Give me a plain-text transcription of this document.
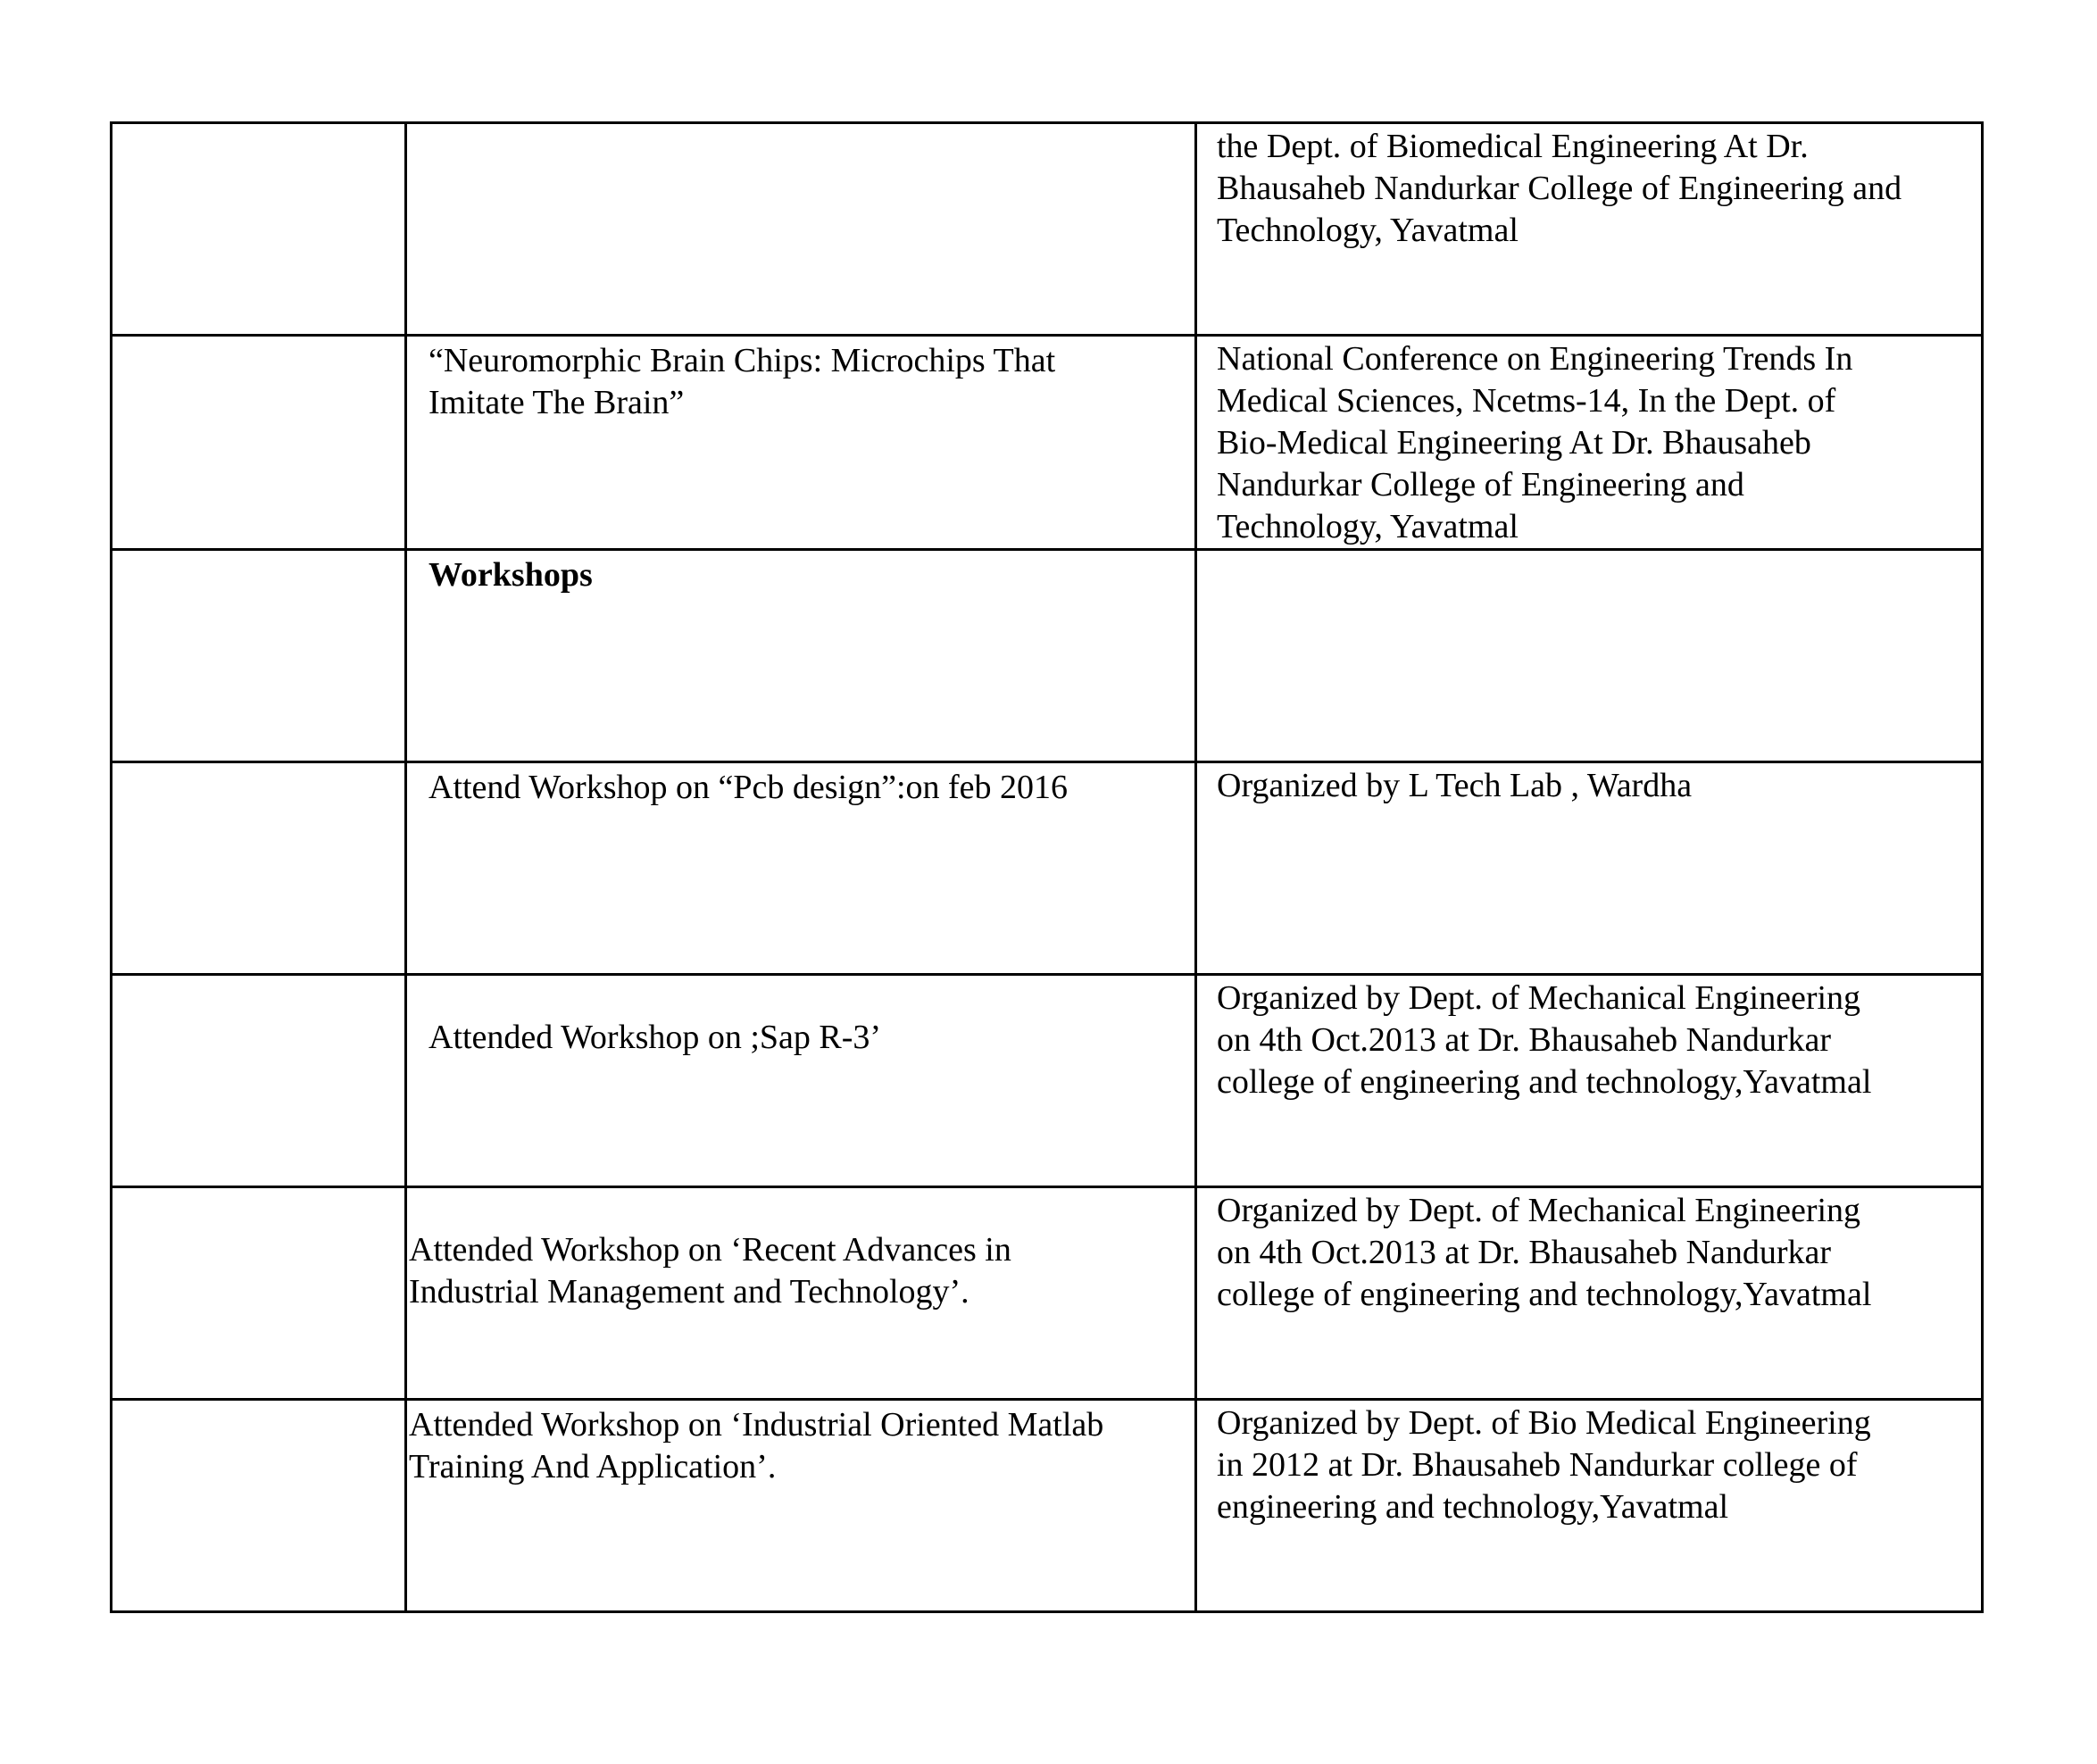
		the Dept. of Biomedical Engineering At Dr.
Bhausaheb Nandurkar College of Engineering and
Technology, Yavatmal

	“Neuromorphic Brain Chips: Microchips That
Imitate The Brain”	National Conference on Engineering Trends In
Medical Sciences, Ncetms-14, In the Dept. of
Bio-Medical Engineering At Dr. Bhausaheb
Nandurkar College of Engineering and
Technology, Yavatmal

	Workshops	

	Attend Workshop on “Pcb design”:on feb 2016	Organized by L Tech Lab , Wardha

	Attended Workshop on ;Sap R-3’	Organized by Dept. of Mechanical Engineering
on 4th Oct.2013 at Dr. Bhausaheb Nandurkar
college of engineering and technology,Yavatmal

	Attended Workshop on ‘Recent Advances in
Industrial Management and Technology’.	Organized by Dept. of Mechanical Engineering
on 4th Oct.2013 at Dr. Bhausaheb Nandurkar
college of engineering and technology,Yavatmal

	Attended Workshop on ‘Industrial Oriented Matlab
Training And Application’.	Organized by Dept. of Bio Medical Engineering
in 2012 at Dr. Bhausaheb Nandurkar college of
engineering and technology,Yavatmal
